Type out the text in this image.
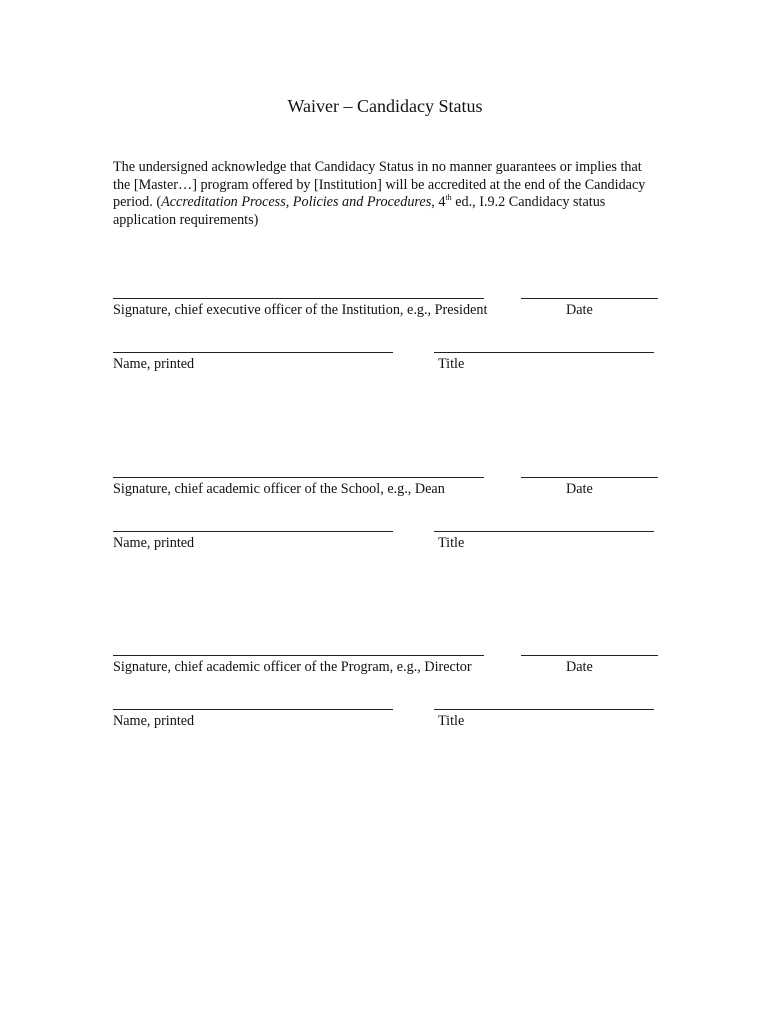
Waiver – Candidacy Status

The undersigned acknowledge that Candidacy Status in no manner guarantees or implies that the [Master…] program offered by [Institution] will be accredited at the end of the Candidacy period. (Accreditation Process, Policies and Procedures, 4th ed., I.9.2 Candidacy status application requirements)

Signature, chief executive officer of the Institution, e.g., President	Date
Name, printed	Title
Signature, chief academic officer of the School, e.g., Dean	Date
Name, printed	Title
Signature, chief academic officer of the Program, e.g., Director	Date
Name, printed	Title
